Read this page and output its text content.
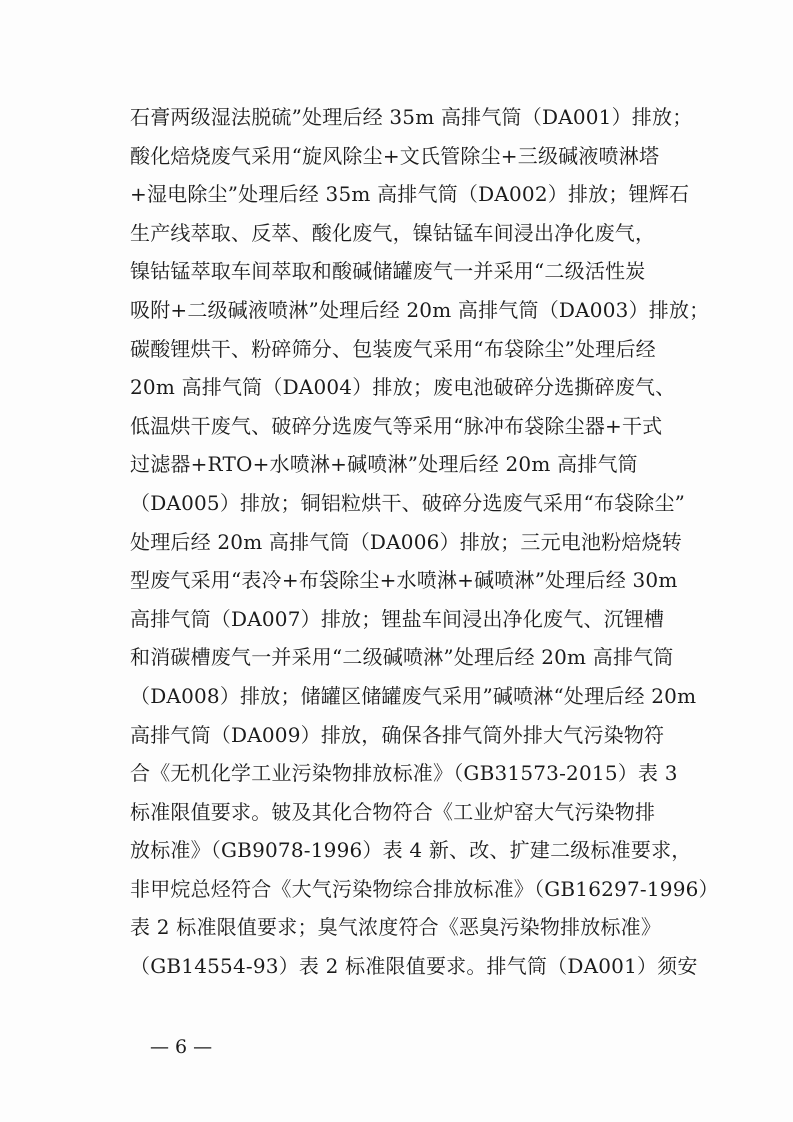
石膏两级湿法脱硫”处理后经 35m 高排气筒（DA001）排放；
酸化焙烧废气采用“旋风除尘+文氏管除尘+三级碱液喷淋塔
+湿电除尘”处理后经 35m 高排气筒（DA002）排放；锂辉石
生产线萃取、反萃、酸化废气，镍钴锰车间浸出净化废气，
镍钴锰萃取车间萃取和酸碱储罐废气一并采用“二级活性炭
吸附+二级碱液喷淋”处理后经 20m 高排气筒（DA003）排放；
碳酸锂烘干、粉碎筛分、包装废气采用“布袋除尘”处理后经
20m 高排气筒（DA004）排放；废电池破碎分选撕碎废气、
低温烘干废气、破碎分选废气等采用“脉冲布袋除尘器+干式
过滤器+RTO+水喷淋+碱喷淋”处理后经 20m 高排气筒
（DA005）排放；铜铝粒烘干、破碎分选废气采用“布袋除尘”
处理后经 20m 高排气筒（DA006）排放；三元电池粉焙烧转
型废气采用“表冷+布袋除尘+水喷淋+碱喷淋”处理后经 30m
高排气筒（DA007）排放；锂盐车间浸出净化废气、沉锂槽
和消碳槽废气一并采用“二级碱喷淋”处理后经 20m 高排气筒
（DA008）排放；储罐区储罐废气采用”碱喷淋“处理后经 20m
高排气筒（DA009）排放，确保各排气筒外排大气污染物符
合《无机化学工业污染物排放标准》（GB31573-2015）表 3
标准限值要求。铍及其化合物符合《工业炉窑大气污染物排
放标准》（GB9078-1996）表 4 新、改、扩建二级标准要求，
非甲烷总烃符合《大气污染物综合排放标准》（GB16297-1996）
表 2 标准限值要求；臭气浓度符合《恶臭污染物排放标准》
（GB14554-93）表 2 标准限值要求。排气筒（DA001）须安
— 6 —
